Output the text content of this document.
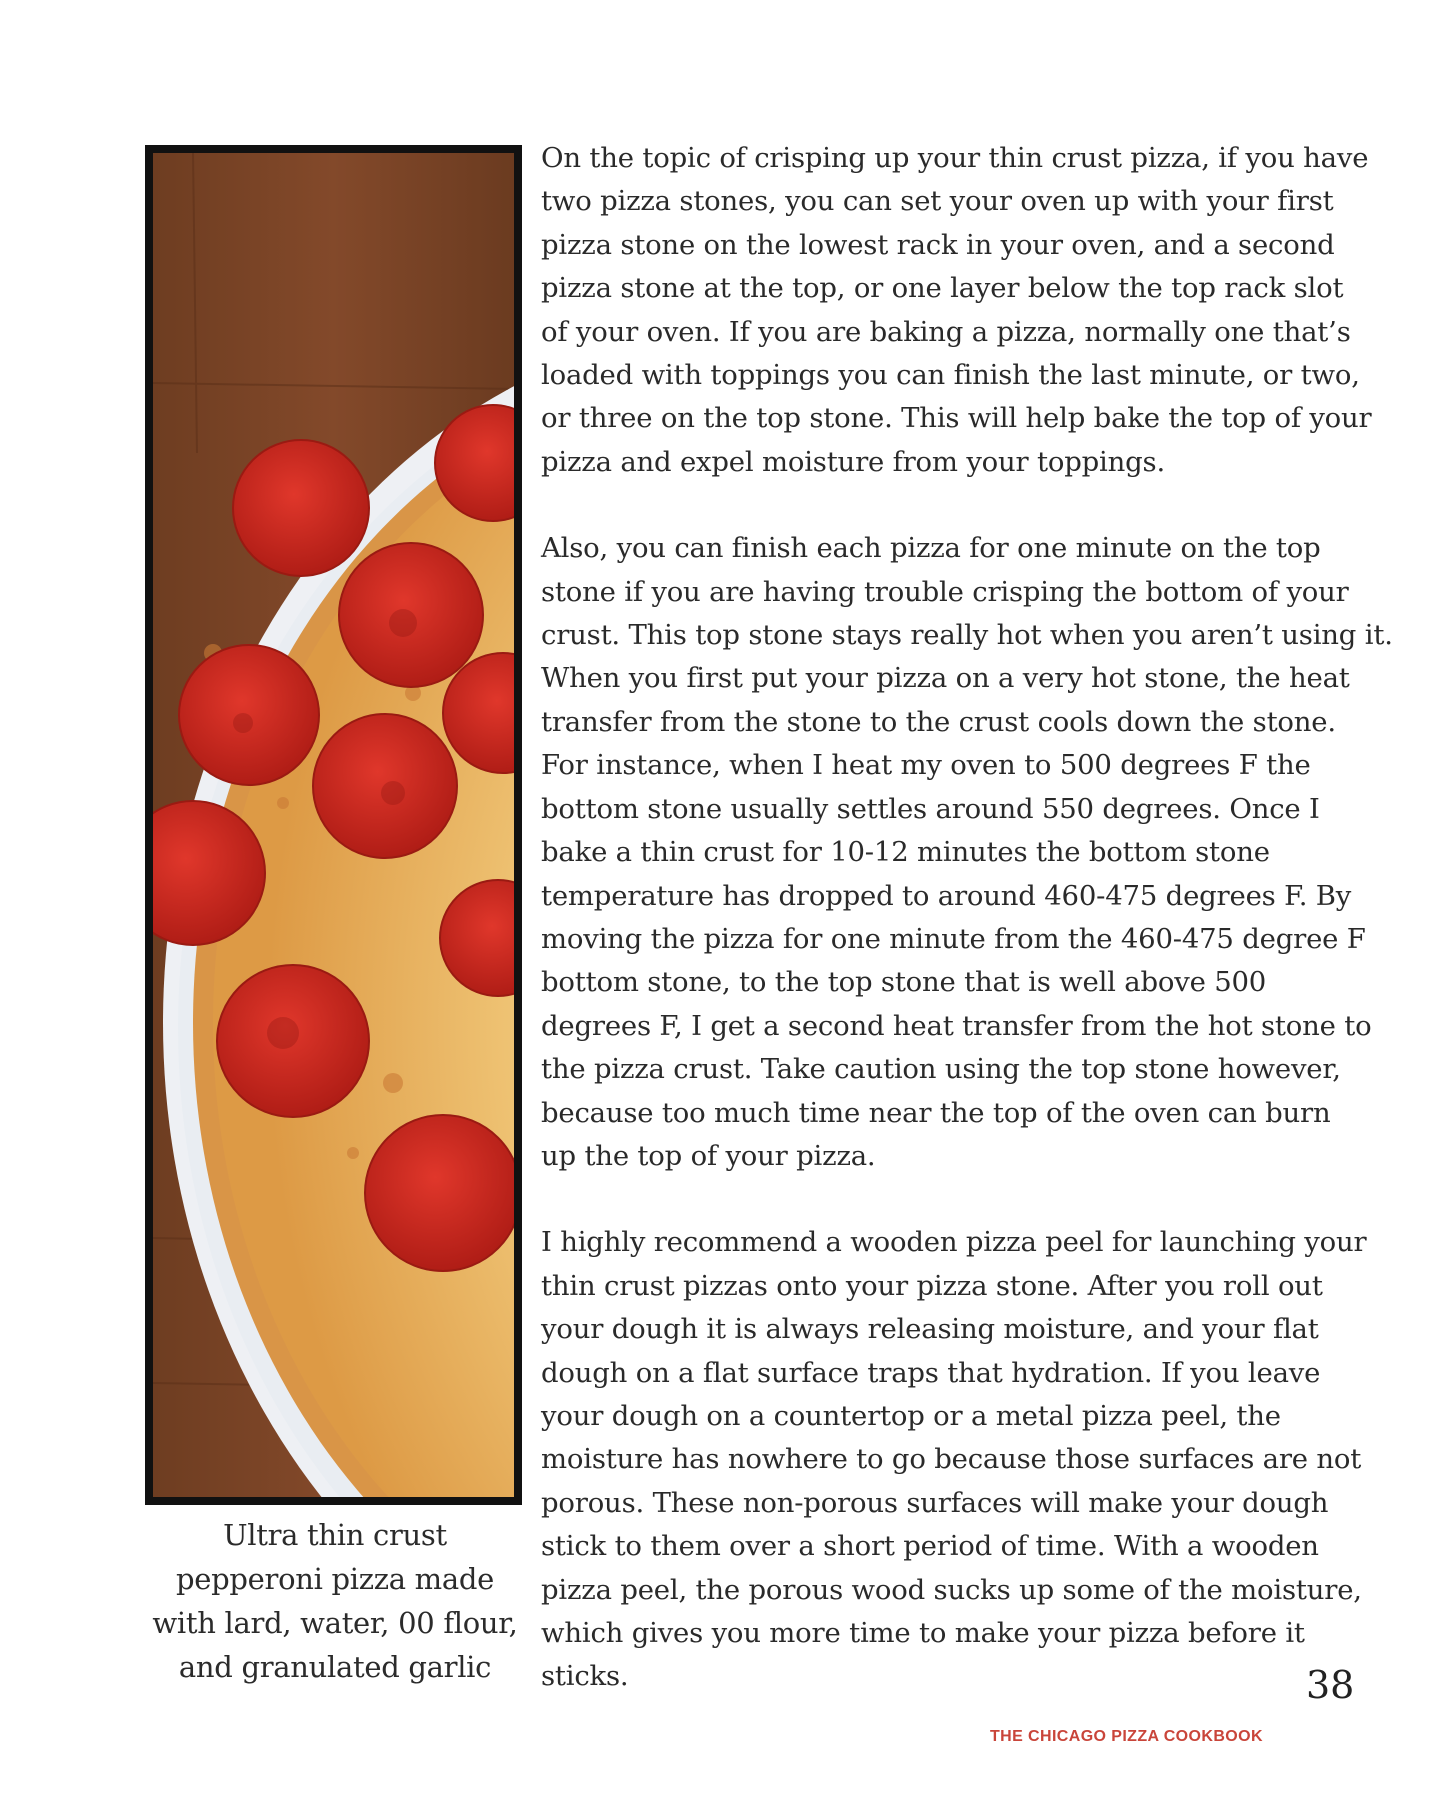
Ultra thin crust
pepperoni pizza made
with lard, water, 00 flour,
and granulated garlic

On the topic of crisping up your thin crust pizza, if you have
two pizza stones, you can set your oven up with your first
pizza stone on the lowest rack in your oven, and a second
pizza stone at the top, or one layer below the top rack slot
of your oven. If you are baking a pizza, normally one that’s
loaded with toppings you can finish the last minute, or two,
or three on the top stone. This will help bake the top of your
pizza and expel moisture from your toppings.

Also, you can finish each pizza for one minute on the top
stone if you are having trouble crisping the bottom of your
crust. This top stone stays really hot when you aren’t using it.
When you first put your pizza on a very hot stone, the heat
transfer from the stone to the crust cools down the stone.
For instance, when I heat my oven to 500 degrees F the
bottom stone usually settles around 550 degrees. Once I
bake a thin crust for 10-12 minutes the bottom stone
temperature has dropped to around 460-475 degrees F. By
moving the pizza for one minute from the 460-475 degree F
bottom stone, to the top stone that is well above 500
degrees F, I get a second heat transfer from the hot stone to
the pizza crust. Take caution using the top stone however,
because too much time near the top of the oven can burn
up the top of your pizza.

I highly recommend a wooden pizza peel for launching your
thin crust pizzas onto your pizza stone. After you roll out
your dough it is always releasing moisture, and your flat
dough on a flat surface traps that hydration. If you leave
your dough on a countertop or a metal pizza peel, the
moisture has nowhere to go because those surfaces are not
porous. These non-porous surfaces will make your dough
stick to them over a short period of time. With a wooden
pizza peel, the porous wood sucks up some of the moisture,
which gives you more time to make your pizza before it
sticks.	38
THE CHICAGO PIZZA COOKBOOK
